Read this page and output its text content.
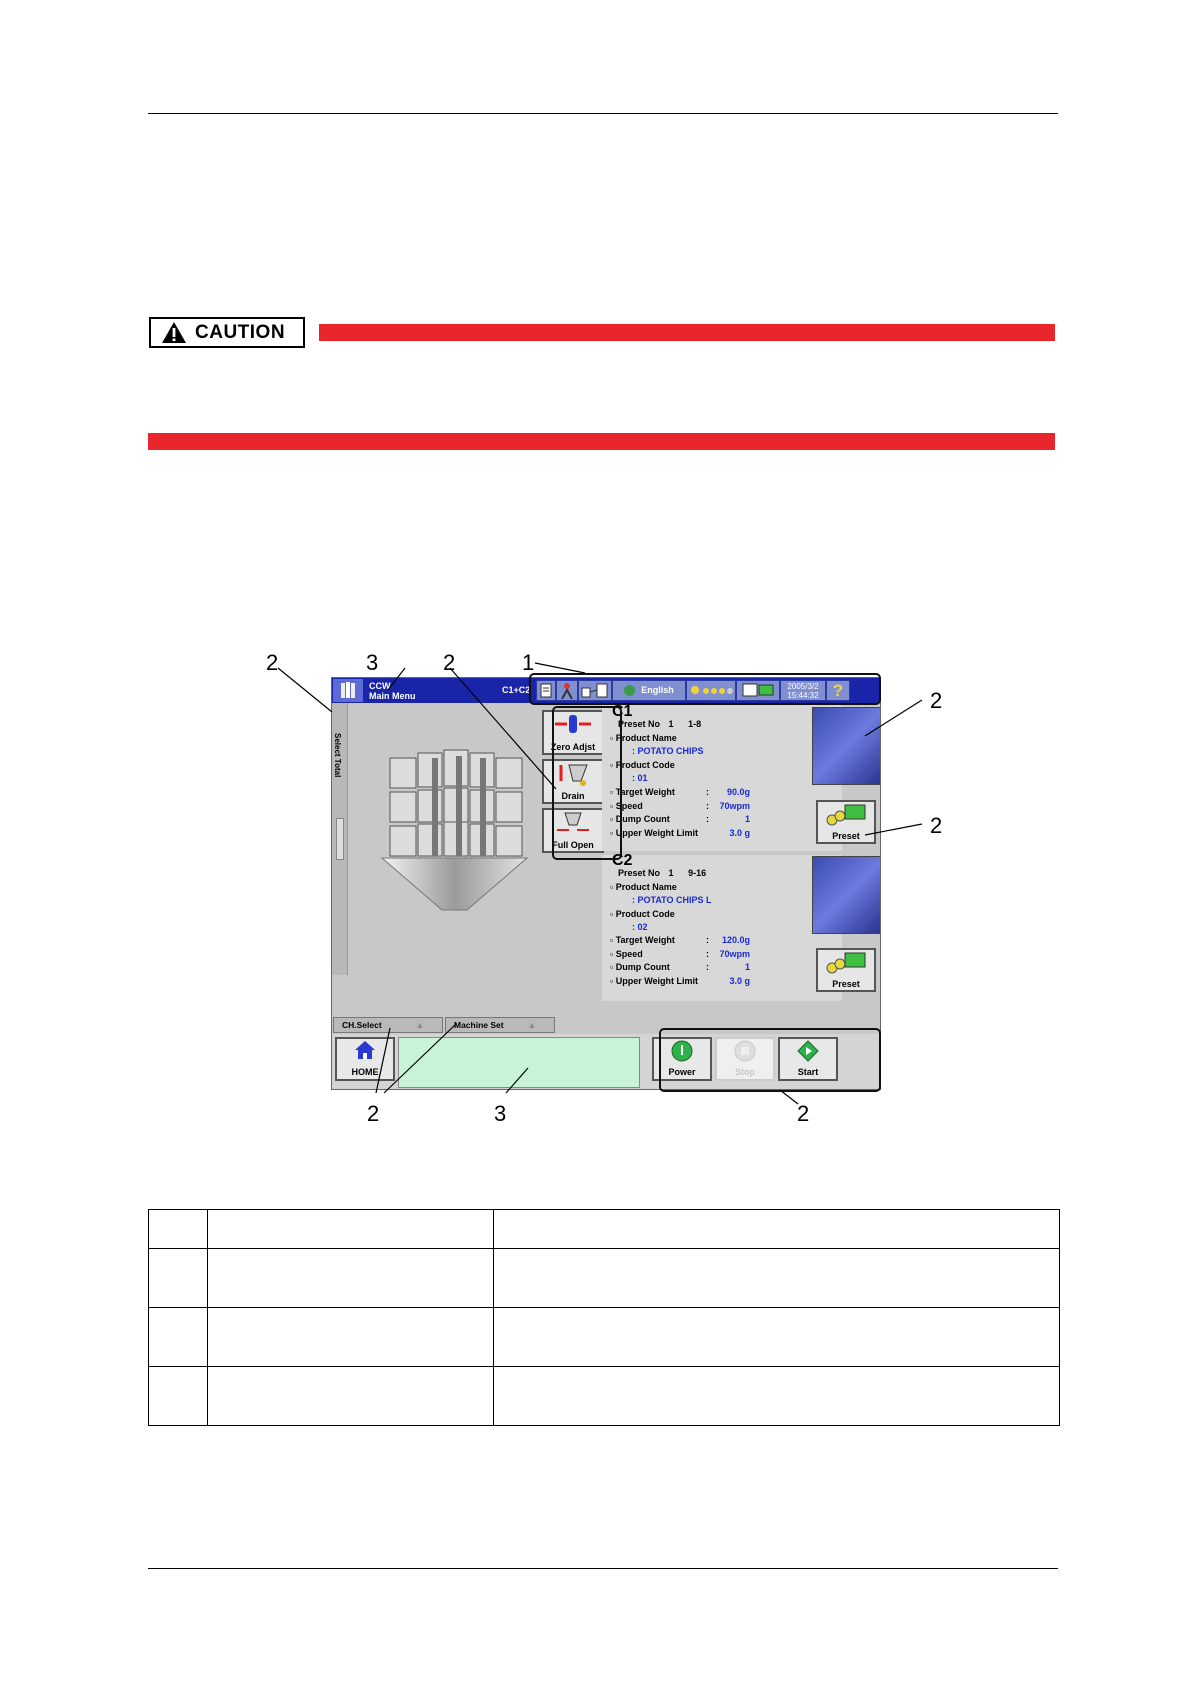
CAUTION
CCW
Main Menu
C1+C2	English	2005/3/2
15:44:32 ?
Select Total	Zero Adjst
Drain
Full Open
C1
Preset No 1 1-8
▫ Product Name
: POTATO CHIPS
▫ Product Code
: 01
▫ Target Weight	: 90.0g
▫ Speed	: 70wpm
▫ Dump Count	:	1
▫ Upper Weight Limit	3.0 g	Preset
C2
Preset No 1 9-16
▫ Product Name
: POTATO CHIPS L
▫ Product Code
: 02
▫ Target Weight	: 120.0g
▫ Speed	: 70wpm
▫ Dump Count	:	1
▫ Upper Weight Limit	3.0 g	Preset
CH.Select	▲	Machine Set	▲
HOME	Power	Stop	Start
1
3
2	2
2
2
2	3	2
